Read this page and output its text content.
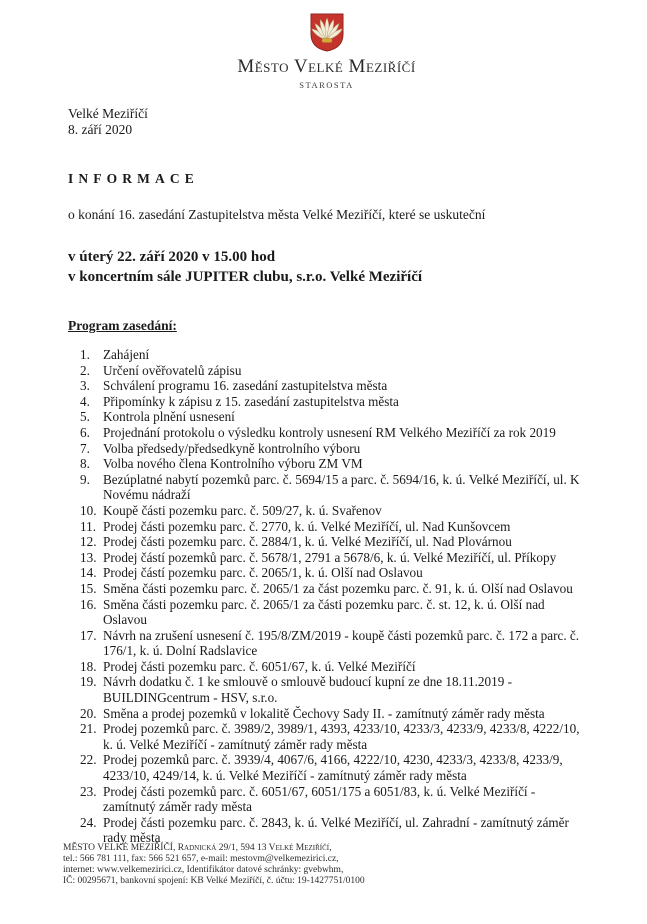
Město Velké Meziříčí
STAROSTA
Velké Meziříčí
8. září 2020
INFORMACE
o konání 16. zasedání Zastupitelstva města Velké Meziříčí, které se uskuteční
v úterý 22. září 2020 v 15.00 hod
v koncertním sále JUPITER clubu, s.r.o. Velké Meziříčí
Program zasedání:
1. Zahájení
2. Určení ověřovatelů zápisu
3. Schválení programu 16. zasedání zastupitelstva města
4. Připomínky k zápisu z 15. zasedání zastupitelstva města
5. Kontrola plnění usnesení
6. Projednání protokolu o výsledku kontroly usnesení RM Velkého Meziříčí za rok 2019
7. Volba předsedy/předsedkyně kontrolního výboru
8. Volba nového člena Kontrolního výboru ZM VM
9. Bezúplatné nabytí pozemků parc. č. 5694/15 a parc. č. 5694/16, k. ú. Velké Meziříčí, ul. K Novému nádraží
10. Koupě části pozemku parc. č. 509/27, k. ú. Svařenov
11. Prodej části pozemku parc. č. 2770, k. ú. Velké Meziříčí, ul. Nad Kunšovcem
12. Prodej části pozemku parc. č. 2884/1, k. ú. Velké Meziříčí, ul. Nad Plovárnou
13. Prodej částí pozemků parc. č. 5678/1, 2791 a 5678/6, k. ú. Velké Meziříčí, ul. Příkopy
14. Prodej částí pozemku parc. č. 2065/1, k. ú. Olší nad Oslavou
15. Směna části pozemku parc. č. 2065/1 za část pozemku parc. č. 91, k. ú. Olší nad Oslavou
16. Směna části pozemku parc. č. 2065/1 za části pozemku parc. č. st. 12, k. ú. Olší nad Oslavou
17. Návrh na zrušení usnesení č. 195/8/ZM/2019 - koupě části pozemků parc. č. 172 a parc. č. 176/1, k. ú. Dolní Radslavice
18. Prodej části pozemku parc. č. 6051/67, k. ú. Velké Meziříčí
19. Návrh dodatku č. 1 ke smlouvě o smlouvě budoucí kupní ze dne 18.11.2019 - BUILDINGcentrum - HSV, s.r.o.
20. Směna a prodej pozemků v lokalitě Čechovy Sady II. - zamítnutý záměr rady města
21. Prodej pozemků parc. č. 3989/2, 3989/1, 4393, 4233/10, 4233/3, 4233/9, 4233/8, 4222/10, k. ú. Velké Meziříčí - zamítnutý záměr rady města
22. Prodej pozemků parc. č. 3939/4, 4067/6, 4166, 4222/10, 4230, 4233/3, 4233/8, 4233/9, 4233/10, 4249/14, k. ú. Velké Meziříčí - zamítnutý záměr rady města
23. Prodej části pozemků parc. č. 6051/67, 6051/175 a 6051/83, k. ú. Velké Meziříčí - zamítnutý záměr rady města
24. Prodej části pozemku parc. č. 2843, k. ú. Velké Meziříčí, ul. Zahradní - zamítnutý záměr rady města
MĚSTO VELKÉ MEZIŘÍČÍ, Radnická 29/1, 594 13 Velké Meziříčí,
tel.: 566 781 111, fax: 566 521 657, e-mail: mestovm@velkemezirici.cz,
internet: www.velkemezirici.cz, Identifikátor datové schránky: gvebwhm,
IČ: 00295671, bankovní spojení: KB Velké Meziříčí, č. účtu: 19-1427751/0100
